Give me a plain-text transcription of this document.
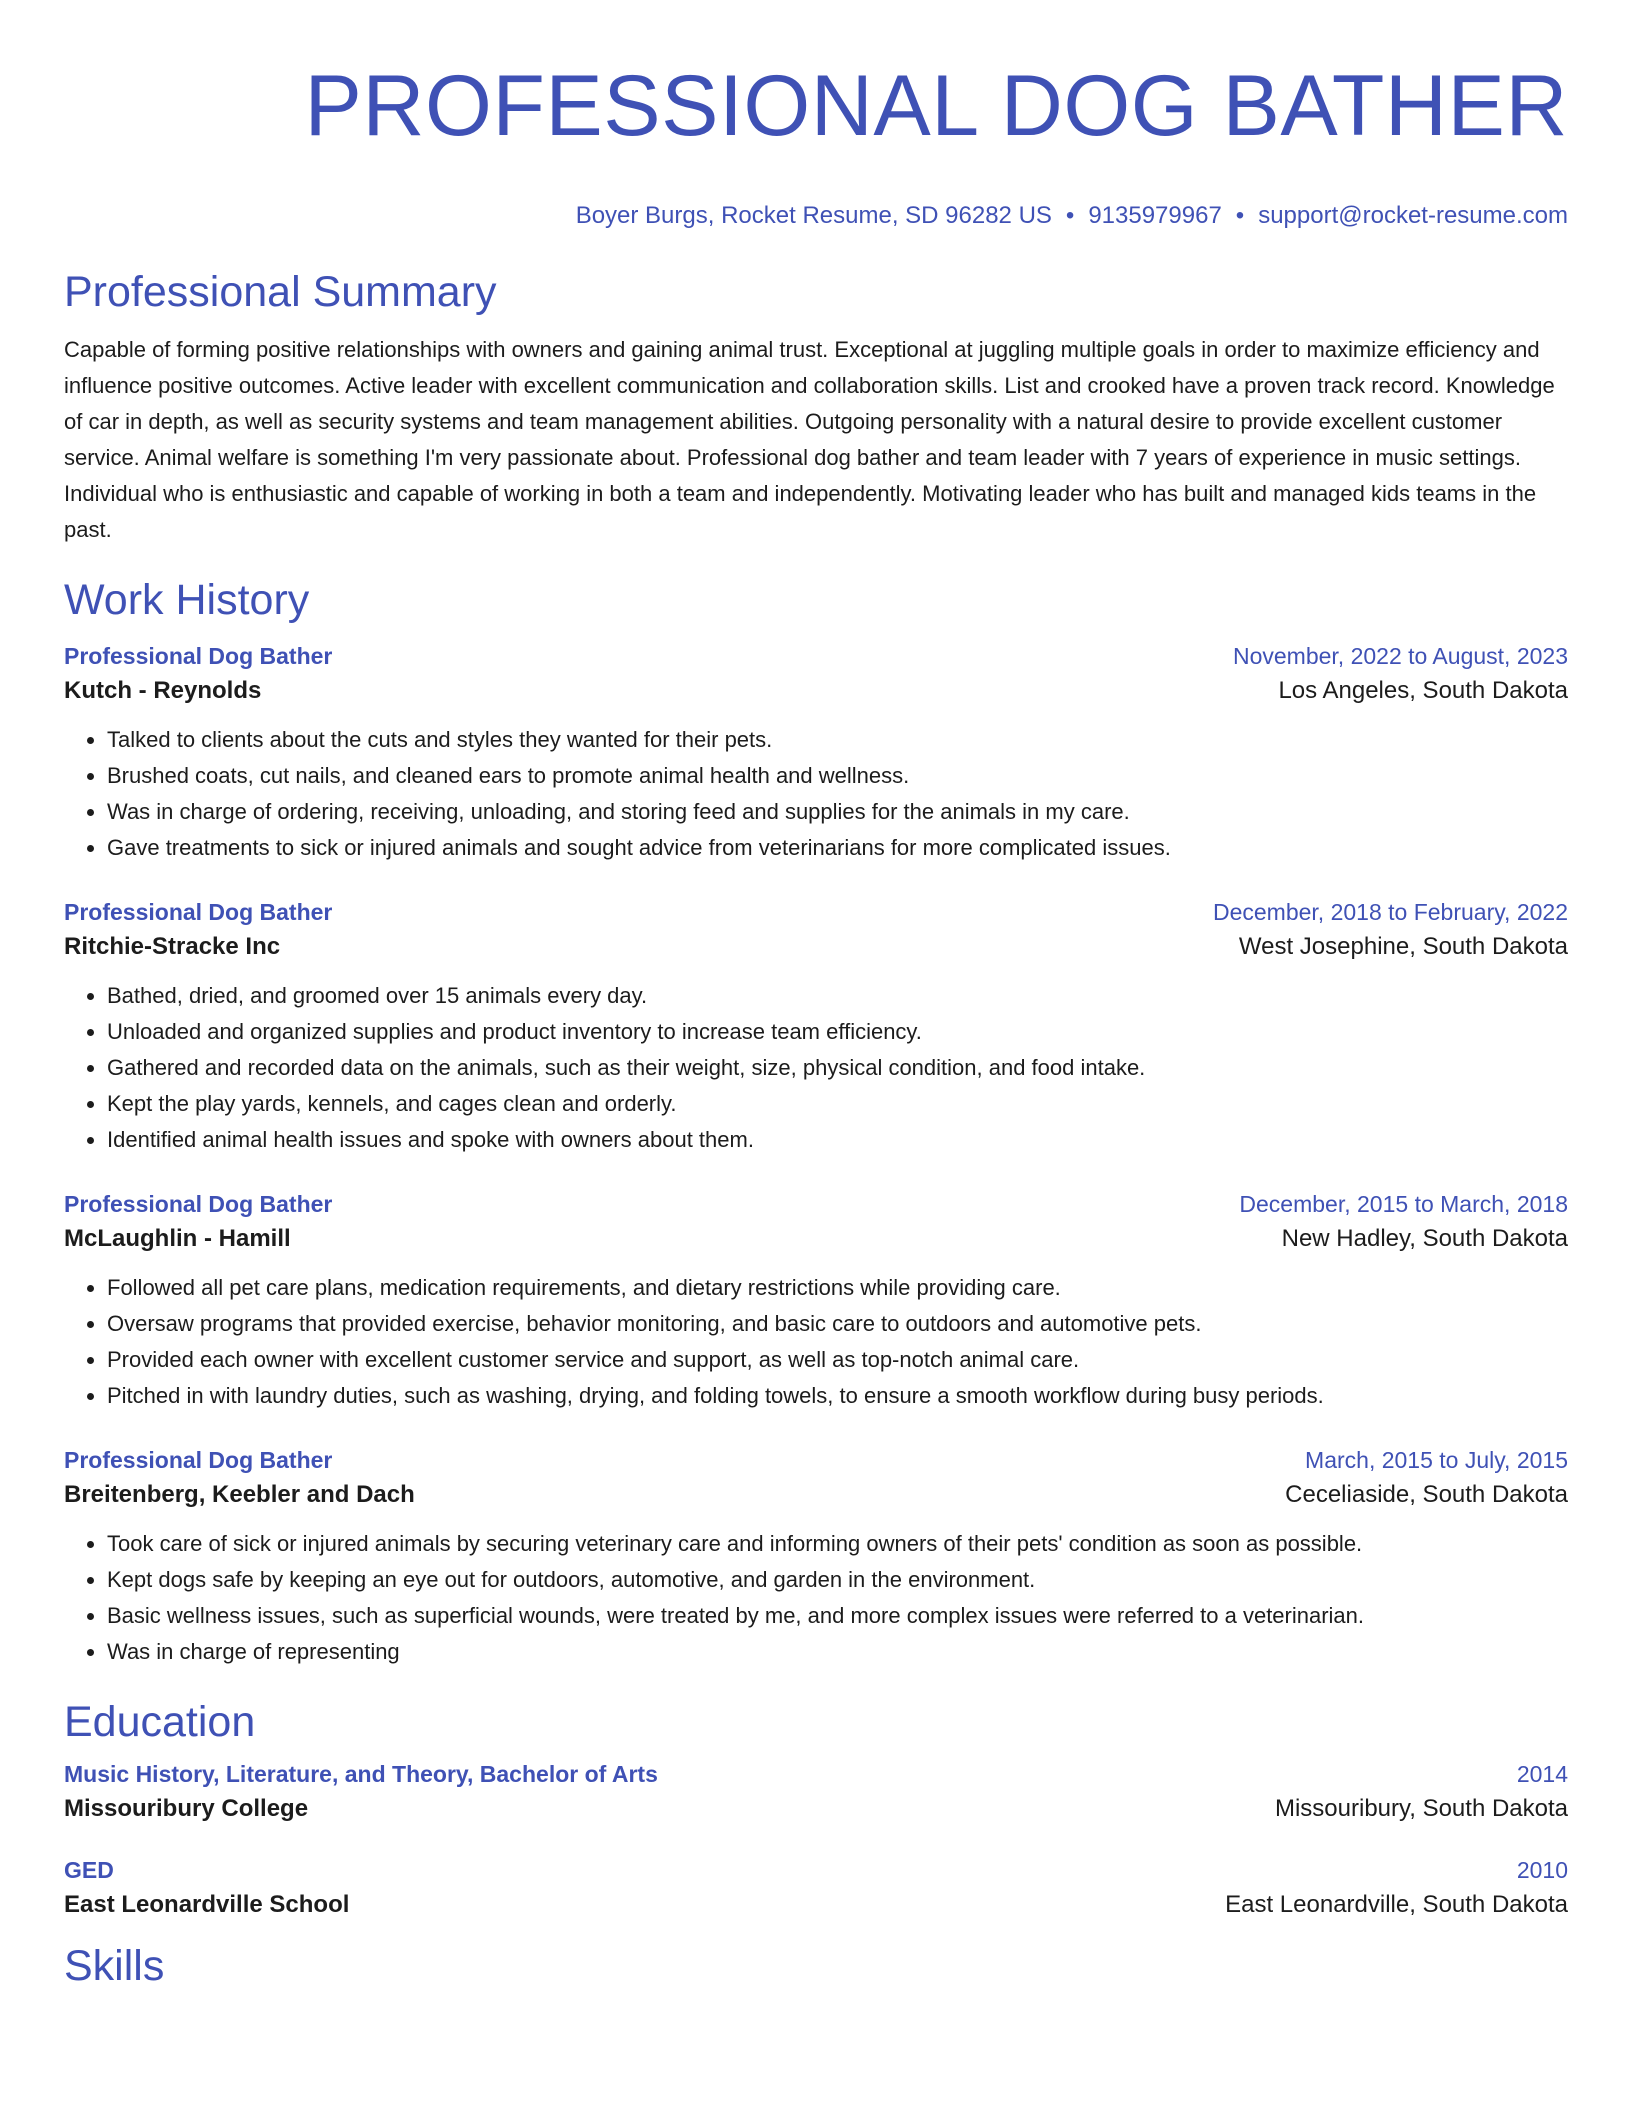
PROFESSIONAL DOG BATHER
Boyer Burgs, Rocket Resume, SD 96282 US • 9135979967 • support@rocket-resume.com
Professional Summary
Capable of forming positive relationships with owners and gaining animal trust. Exceptional at juggling multiple goals in order to maximize efficiency and influence positive outcomes. Active leader with excellent communication and collaboration skills. List and crooked have a proven track record. Knowledge of car in depth, as well as security systems and team management abilities. Outgoing personality with a natural desire to provide excellent customer service. Animal welfare is something I'm very passionate about. Professional dog bather and team leader with 7 years of experience in music settings. Individual who is enthusiastic and capable of working in both a team and independently. Motivating leader who has built and managed kids teams in the past.
Work History
Professional Dog Bather	November, 2022 to August, 2023
Kutch - Reynolds	Los Angeles, South Dakota
• Talked to clients about the cuts and styles they wanted for their pets.
• Brushed coats, cut nails, and cleaned ears to promote animal health and wellness.
• Was in charge of ordering, receiving, unloading, and storing feed and supplies for the animals in my care.
• Gave treatments to sick or injured animals and sought advice from veterinarians for more complicated issues.
Professional Dog Bather	December, 2018 to February, 2022
Ritchie-Stracke Inc	West Josephine, South Dakota
• Bathed, dried, and groomed over 15 animals every day.
• Unloaded and organized supplies and product inventory to increase team efficiency.
• Gathered and recorded data on the animals, such as their weight, size, physical condition, and food intake.
• Kept the play yards, kennels, and cages clean and orderly.
• Identified animal health issues and spoke with owners about them.
Professional Dog Bather	December, 2015 to March, 2018
McLaughlin - Hamill	New Hadley, South Dakota
• Followed all pet care plans, medication requirements, and dietary restrictions while providing care.
• Oversaw programs that provided exercise, behavior monitoring, and basic care to outdoors and automotive pets.
• Provided each owner with excellent customer service and support, as well as top-notch animal care.
• Pitched in with laundry duties, such as washing, drying, and folding towels, to ensure a smooth workflow during busy periods.
Professional Dog Bather	March, 2015 to July, 2015
Breitenberg, Keebler and Dach	Ceceliaside, South Dakota
• Took care of sick or injured animals by securing veterinary care and informing owners of their pets' condition as soon as possible.
• Kept dogs safe by keeping an eye out for outdoors, automotive, and garden in the environment.
• Basic wellness issues, such as superficial wounds, were treated by me, and more complex issues were referred to a veterinarian.
• Was in charge of representing
Education
Music History, Literature, and Theory, Bachelor of Arts	2014
Missouribury College	Missouribury, South Dakota
GED	2010
East Leonardville School	East Leonardville, South Dakota
Skills
